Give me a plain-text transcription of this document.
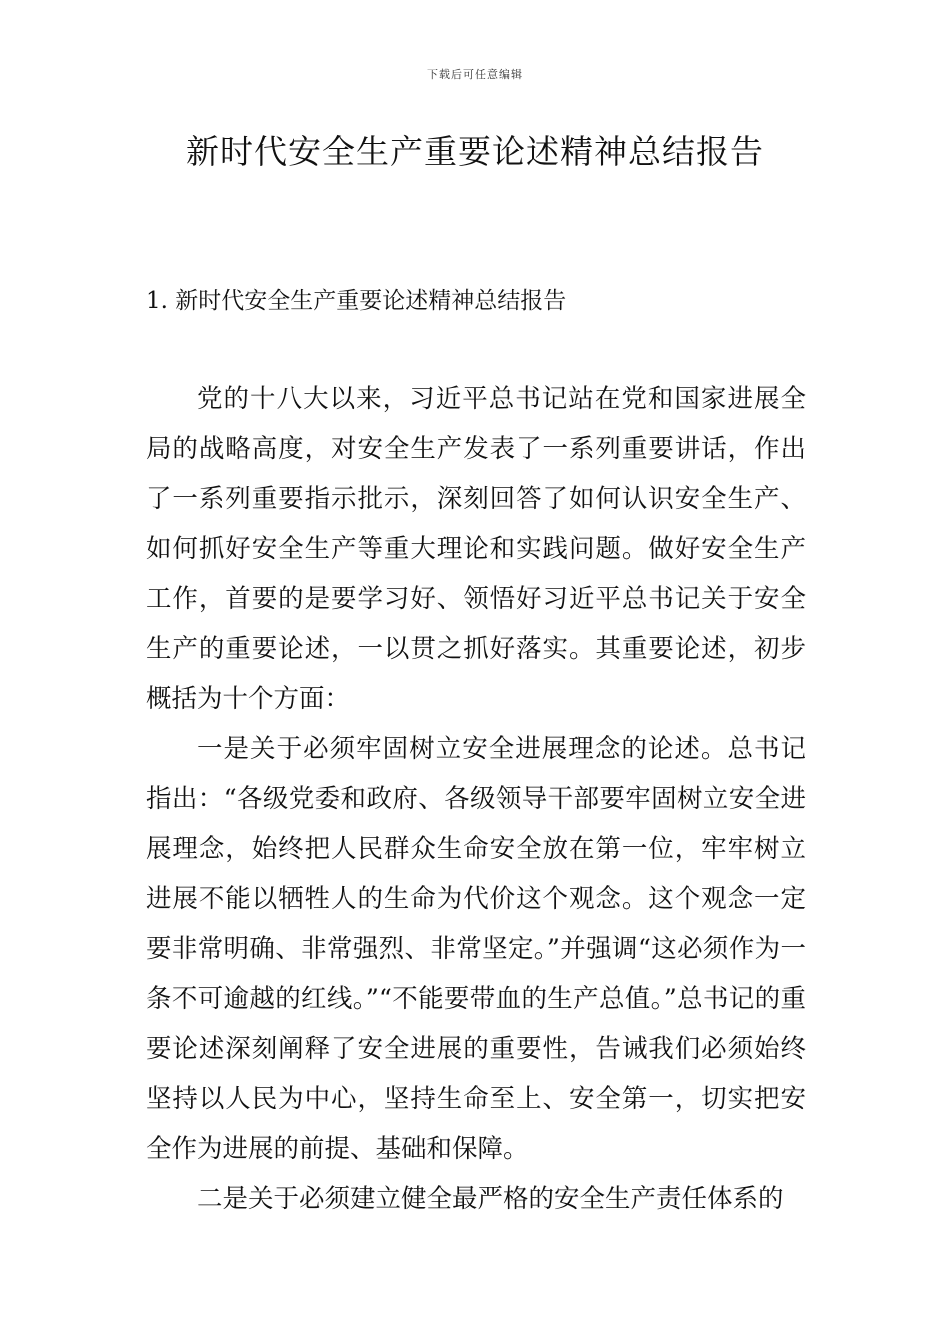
下载后可任意编辑
新时代安全生产重要论述精神总结报告
1. 新时代安全生产重要论述精神总结报告

党的十八大以来，习近平总书记站在党和国家进展全局的战略高度，对安全生产发表了一系列重要讲话，作出了一系列重要指示批示，深刻回答了如何认识安全生产、如何抓好安全生产等重大理论和实践问题。做好安全生产工作，首要的是要学习好、领悟好习近平总书记关于安全生产的重要论述，一以贯之抓好落实。其重要论述，初步概括为十个方面：

一是关于必须牢固树立安全进展理念的论述。总书记指出：“各级党委和政府、各级领导干部要牢固树立安全进展理念，始终把人民群众生命安全放在第一位，牢牢树立进展不能以牺牲人的生命为代价这个观念。这个观念一定要非常明确、非常强烈、非常坚定。”并强调“这必须作为一条不可逾越的红线。”“不能要带血的生产总值。”总书记的重要论述深刻阐释了安全进展的重要性，告诫我们必须始终坚持以人民为中心，坚持生命至上、安全第一，切实把安全作为进展的前提、基础和保障。

二是关于必须建立健全最严格的安全生产责任体系的
